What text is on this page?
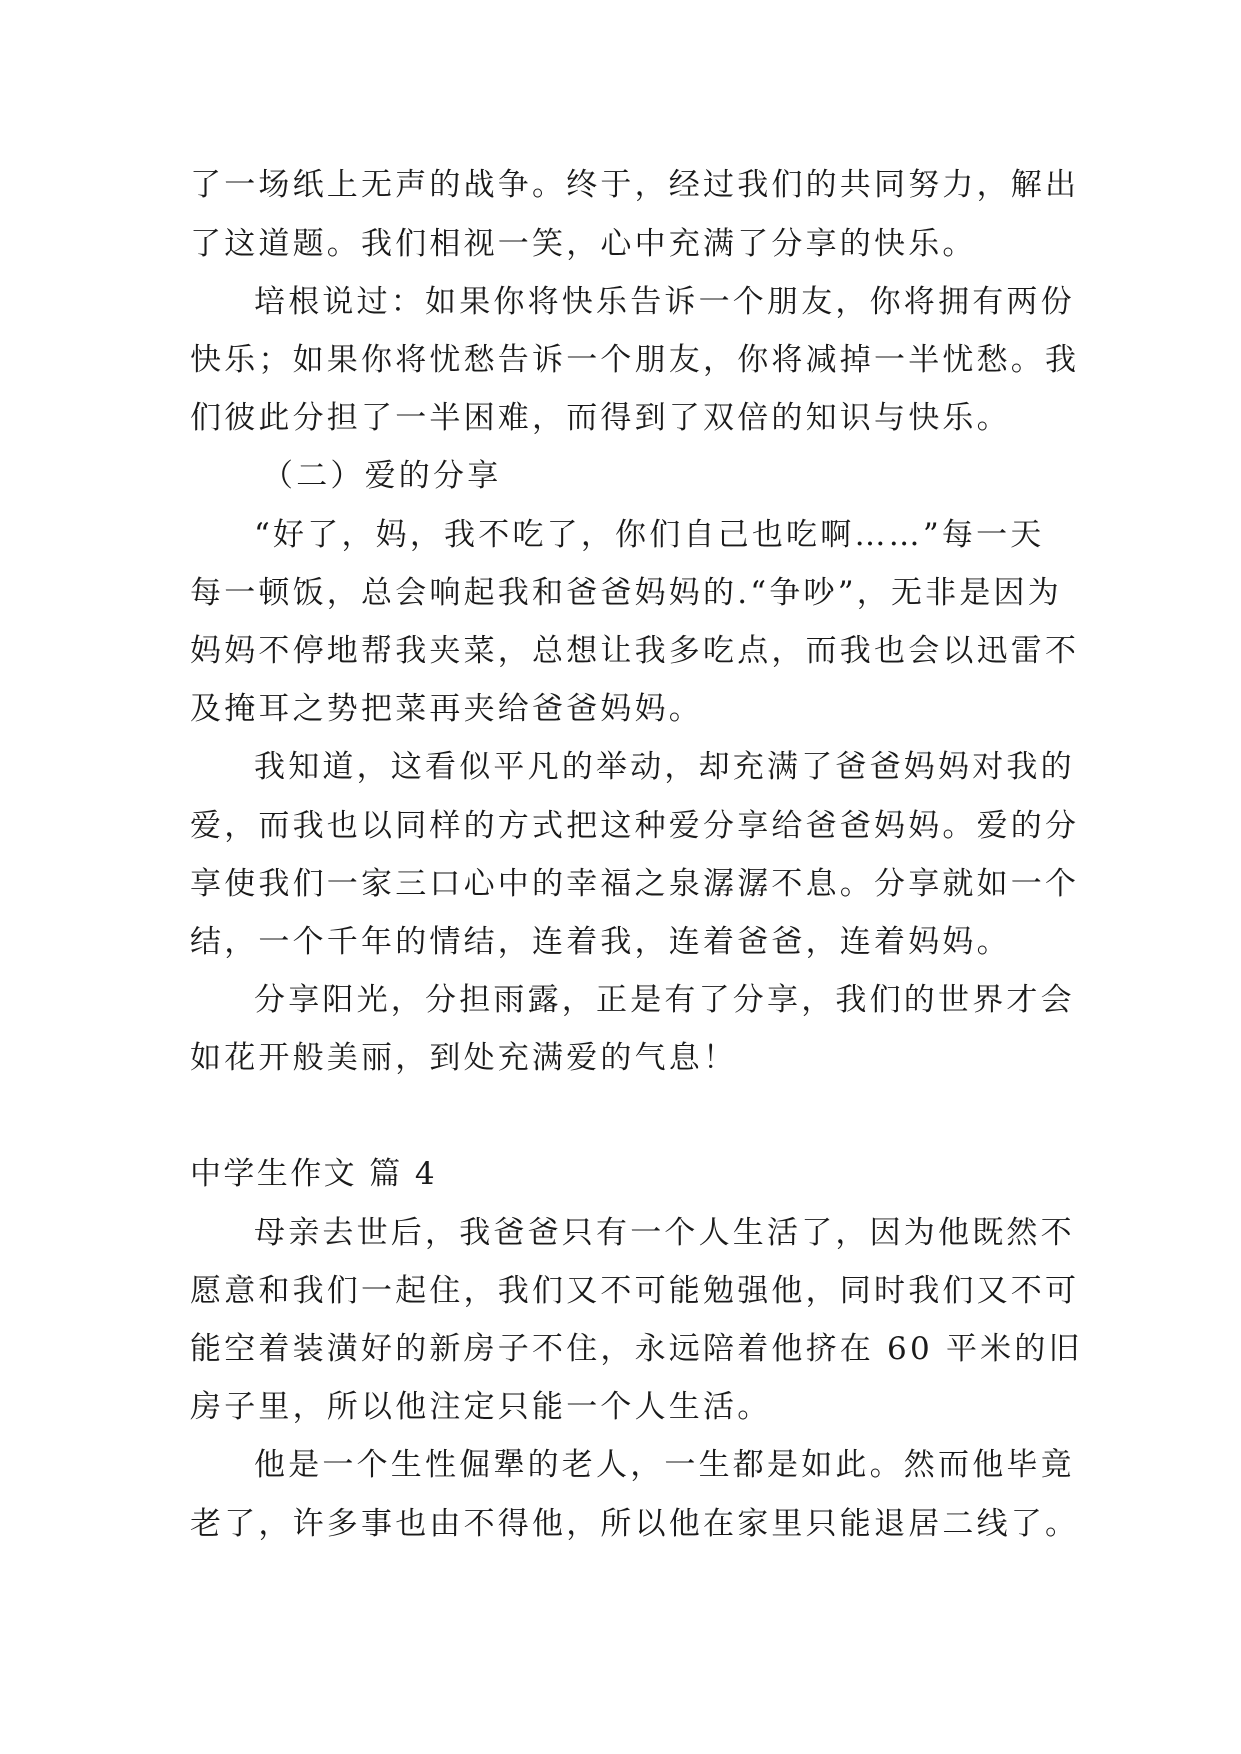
了一场纸上无声的战争。终于，经过我们的共同努力，解出
了这道题。我们相视一笑，心中充满了分享的快乐。
培根说过：如果你将快乐告诉一个朋友，你将拥有两份
快乐；如果你将忧愁告诉一个朋友，你将减掉一半忧愁。我
们彼此分担了一半困难，而得到了双倍的知识与快乐。
（二）爱的分享
“好了，妈，我不吃了，你们自己也吃啊……”每一天
每一顿饭，总会响起我和爸爸妈妈的.“争吵”，无非是因为
妈妈不停地帮我夹菜，总想让我多吃点，而我也会以迅雷不
及掩耳之势把菜再夹给爸爸妈妈。
我知道，这看似平凡的举动，却充满了爸爸妈妈对我的
爱，而我也以同样的方式把这种爱分享给爸爸妈妈。爱的分
享使我们一家三口心中的幸福之泉潺潺不息。分享就如一个
结，一个千年的情结，连着我，连着爸爸，连着妈妈。
分享阳光，分担雨露，正是有了分享，我们的世界才会
如花开般美丽，到处充满爱的气息！
中学生作文 篇 4
母亲去世后，我爸爸只有一个人生活了，因为他既然不
愿意和我们一起住，我们又不可能勉强他，同时我们又不可
能空着装潢好的新房子不住，永远陪着他挤在 60 平米的旧
房子里，所以他注定只能一个人生活。
他是一个生性倔犟的老人，一生都是如此。然而他毕竟
老了，许多事也由不得他，所以他在家里只能退居二线了。
